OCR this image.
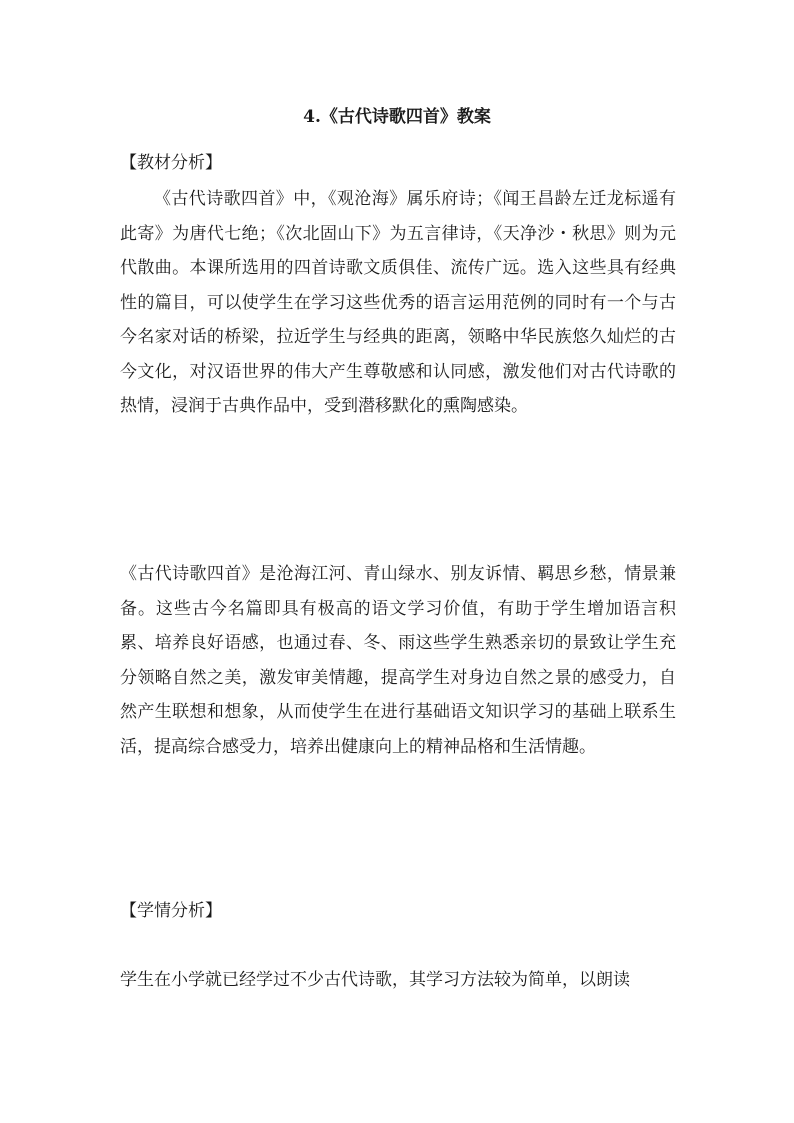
4.《古代诗歌四首》教案
【教材分析】
《古代诗歌四首》中，《观沧海》属乐府诗；《闻王昌龄左迁龙标遥有此寄》为唐代七绝；《次北固山下》为五言律诗，《天净沙・秋思》则为元代散曲。本课所选用的四首诗歌文质俱佳、流传广远。选入这些具有经典性的篇目，可以使学生在学习这些优秀的语言运用范例的同时有一个与古今名家对话的桥梁，拉近学生与经典的距离，领略中华民族悠久灿烂的古今文化，对汉语世界的伟大产生尊敬感和认同感，激发他们对古代诗歌的热情，浸润于古典作品中，受到潜移默化的熏陶感染。
《古代诗歌四首》是沧海江河、青山绿水、别友诉情、羁思乡愁，情景兼备。这些古今名篇即具有极高的语文学习价值，有助于学生增加语言积累、培养良好语感，也通过春、冬、雨这些学生熟悉亲切的景致让学生充分领略自然之美，激发审美情趣，提高学生对身边自然之景的感受力，自然产生联想和想象，从而使学生在进行基础语文知识学习的基础上联系生活，提高综合感受力，培养出健康向上的精神品格和生活情趣。
【学情分析】
学生在小学就已经学过不少古代诗歌，其学习方法较为简单，以朗读
